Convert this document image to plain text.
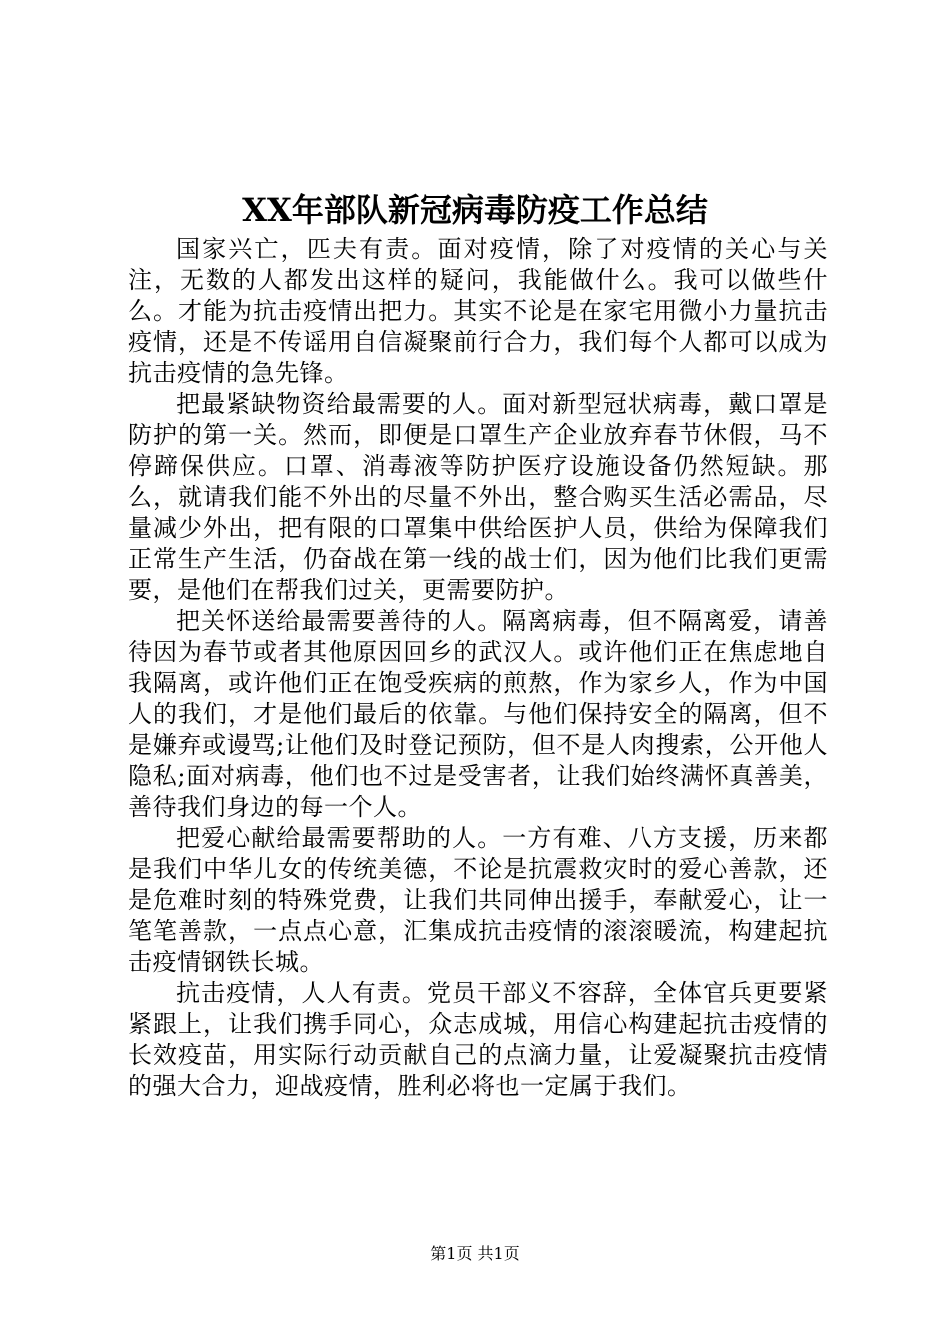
XX年部队新冠病毒防疫工作总结

国家兴亡，匹夫有责。面对疫情，除了对疫情的关心与关注，无数的人都发出这样的疑问，我能做什么。我可以做些什么。才能为抗击疫情出把力。其实不论是在家宅用微小力量抗击疫情，还是不传谣用自信凝聚前行合力，我们每个人都可以成为抗击疫情的急先锋。

把最紧缺物资给最需要的人。面对新型冠状病毒，戴口罩是防护的第一关。然而，即便是口罩生产企业放弃春节休假，马不停蹄保供应。口罩、消毒液等防护医疗设施设备仍然短缺。那么，就请我们能不外出的尽量不外出，整合购买生活必需品，尽量减少外出，把有限的口罩集中供给医护人员，供给为保障我们正常生产生活，仍奋战在第一线的战士们，因为他们比我们更需要，是他们在帮我们过关，更需要防护。

把关怀送给最需要善待的人。隔离病毒，但不隔离爱，请善待因为春节或者其他原因回乡的武汉人。或许他们正在焦虑地自我隔离，或许他们正在饱受疾病的煎熬，作为家乡人，作为中国人的我们，才是他们最后的依靠。与他们保持安全的隔离，但不是嫌弃或谩骂;让他们及时登记预防，但不是人肉搜索，公开他人隐私;面对病毒，他们也不过是受害者，让我们始终满怀真善美，善待我们身边的每一个人。

把爱心献给最需要帮助的人。一方有难、八方支援，历来都是我们中华儿女的传统美德，不论是抗震救灾时的爱心善款，还是危难时刻的特殊党费，让我们共同伸出援手，奉献爱心，让一笔笔善款，一点点心意，汇集成抗击疫情的滚滚暖流，构建起抗击疫情钢铁长城。

抗击疫情，人人有责。党员干部义不容辞，全体官兵更要紧紧跟上，让我们携手同心，众志成城，用信心构建起抗击疫情的长效疫苗，用实际行动贡献自己的点滴力量，让爱凝聚抗击疫情的强大合力，迎战疫情，胜利必将也一定属于我们。

第1页 共1页
